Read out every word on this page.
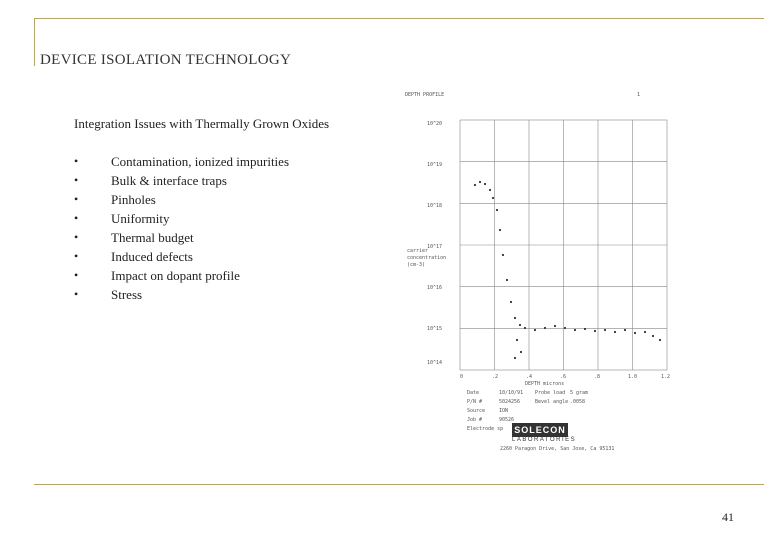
DEVICE ISOLATION TECHNOLOGY
Integration Issues with Thermally Grown Oxides
•	Contamination, ionized impurities
•	Bulk & interface traps
•	Pinholes
•	Uniformity
•	Thermal budget
•	Induced defects
•	Impact on dopant profile
•	Stress
DEPTH PROFILE	1
10^20
10^19
10^18
10^17
10^16
10^15
10^14
carrier
concentration
(cm-3)
0	.2	.4	.6	.8	1.0	1.2
DEPTH microns
Date	10/10/91 Probe load 5 gram
P/N #	5024256	Bevel angle .0058
Source	ION
Job #	90526
Electrode sp SOLECON
LABORATORIES
2260 Paragon Drive, San Jose, Ca 95131
41
